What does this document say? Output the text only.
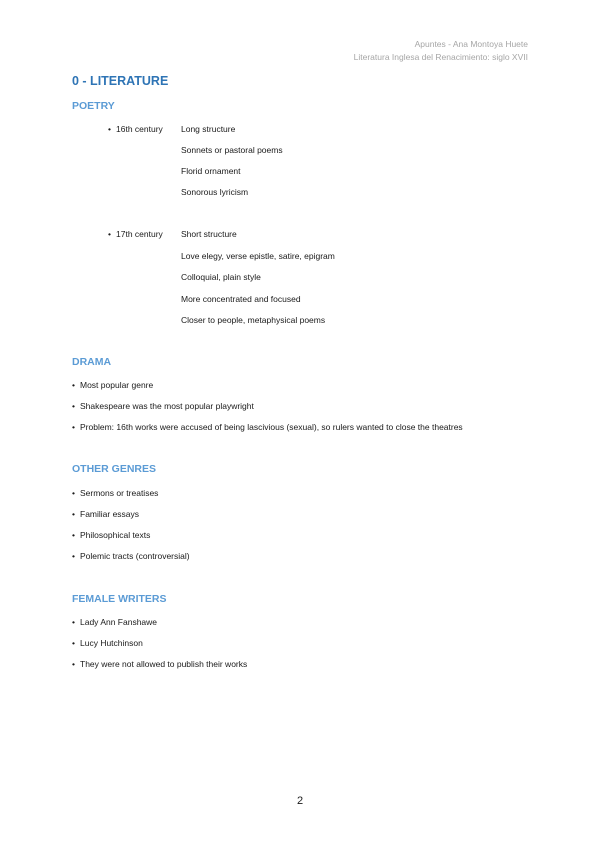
Apuntes - Ana Montoya Huete
Literatura Inglesa del Renacimiento: siglo XVII
0 - LITERATURE
POETRY
• 16th century Long structure
Sonnets or pastoral poems
Florid ornament
Sonorous lyricism
• 17th century Short structure
Love elegy, verse epistle, satire, epigram
Colloquial, plain style
More concentrated and focused
Closer to people, metaphysical poems
DRAMA
• Most popular genre
• Shakespeare was the most popular playwright
• Problem: 16th works were accused of being lascivious (sexual), so rulers wanted to close the theatres
OTHER GENRES
• Sermons or treatises
• Familiar essays
• Philosophical texts
• Polemic tracts (controversial)
FEMALE WRITERS
• Lady Ann Fanshawe
• Lucy Hutchinson
• They were not allowed to publish their works
2
